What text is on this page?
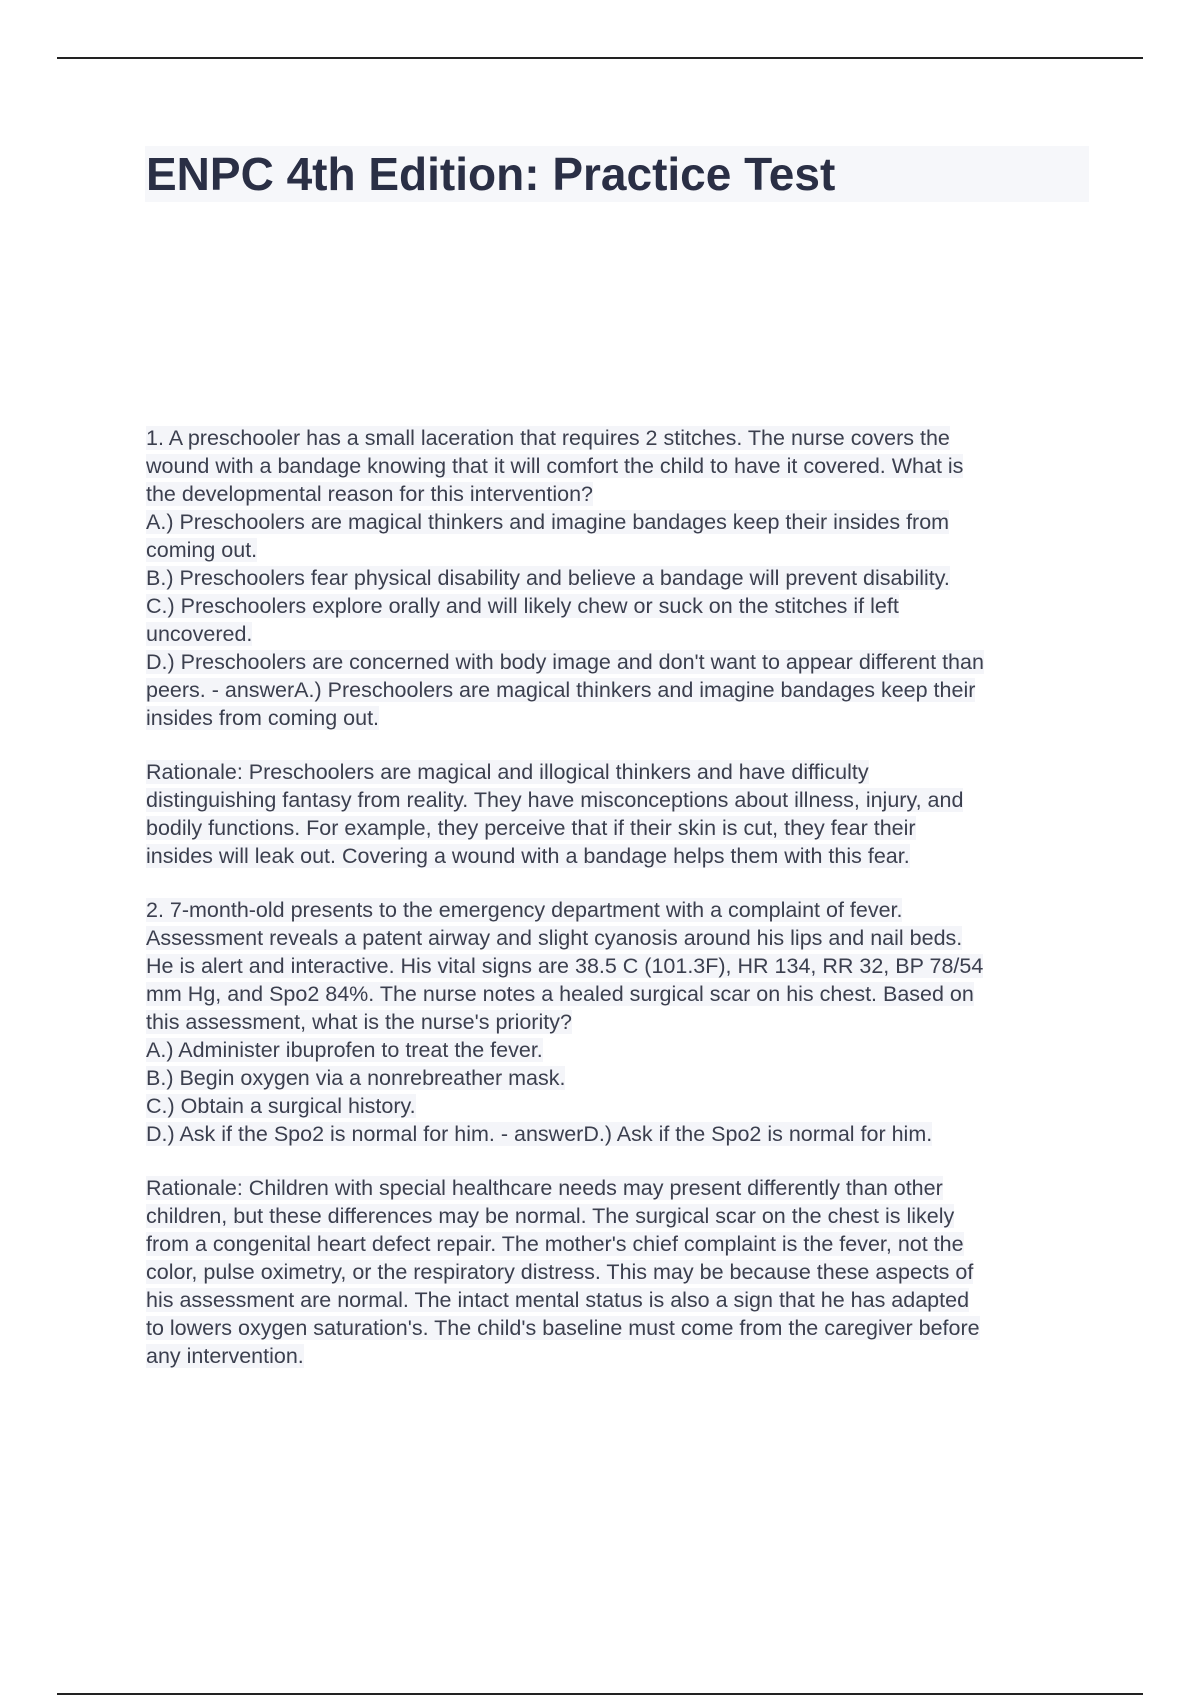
ENPC 4th Edition: Practice Test

1. A preschooler has a small laceration that requires 2 stitches. The nurse covers the
wound with a bandage knowing that it will comfort the child to have it covered. What is
the developmental reason for this intervention?

A.) Preschoolers are magical thinkers and imagine bandages keep their insides from
coming out.
B.) Preschoolers fear physical disability and believe a bandage will prevent disability.
C.) Preschoolers explore orally and will likely chew or suck on the stitches if left
uncovered.
D.) Preschoolers are concerned with body image and don't want to appear different than
peers. - answerA.) Preschoolers are magical thinkers and imagine bandages keep their
insides from coming out.

Rationale: Preschoolers are magical and illogical thinkers and have difficulty
distinguishing fantasy from reality. They have misconceptions about illness, injury, and
bodily functions. For example, they perceive that if their skin is cut, they fear their
insides will leak out. Covering a wound with a bandage helps them with this fear.

2. 7-month-old presents to the emergency department with a complaint of fever.
Assessment reveals a patent airway and slight cyanosis around his lips and nail beds.
He is alert and interactive. His vital signs are 38.5 C (101.3F), HR 134, RR 32, BP 78/54
mm Hg, and Spo2 84%. The nurse notes a healed surgical scar on his chest. Based on
this assessment, what is the nurse's priority?

A.) Administer ibuprofen to treat the fever.
B.) Begin oxygen via a nonrebreather mask.
C.) Obtain a surgical history.
D.) Ask if the Spo2 is normal for him. - answerD.) Ask if the Spo2 is normal for him.

Rationale: Children with special healthcare needs may present differently than other
children, but these differences may be normal. The surgical scar on the chest is likely
from a congenital heart defect repair. The mother's chief complaint is the fever, not the
color, pulse oximetry, or the respiratory distress. This may be because these aspects of
his assessment are normal. The intact mental status is also a sign that he has adapted
to lowers oxygen saturation's. The child's baseline must come from the caregiver before
any intervention.
